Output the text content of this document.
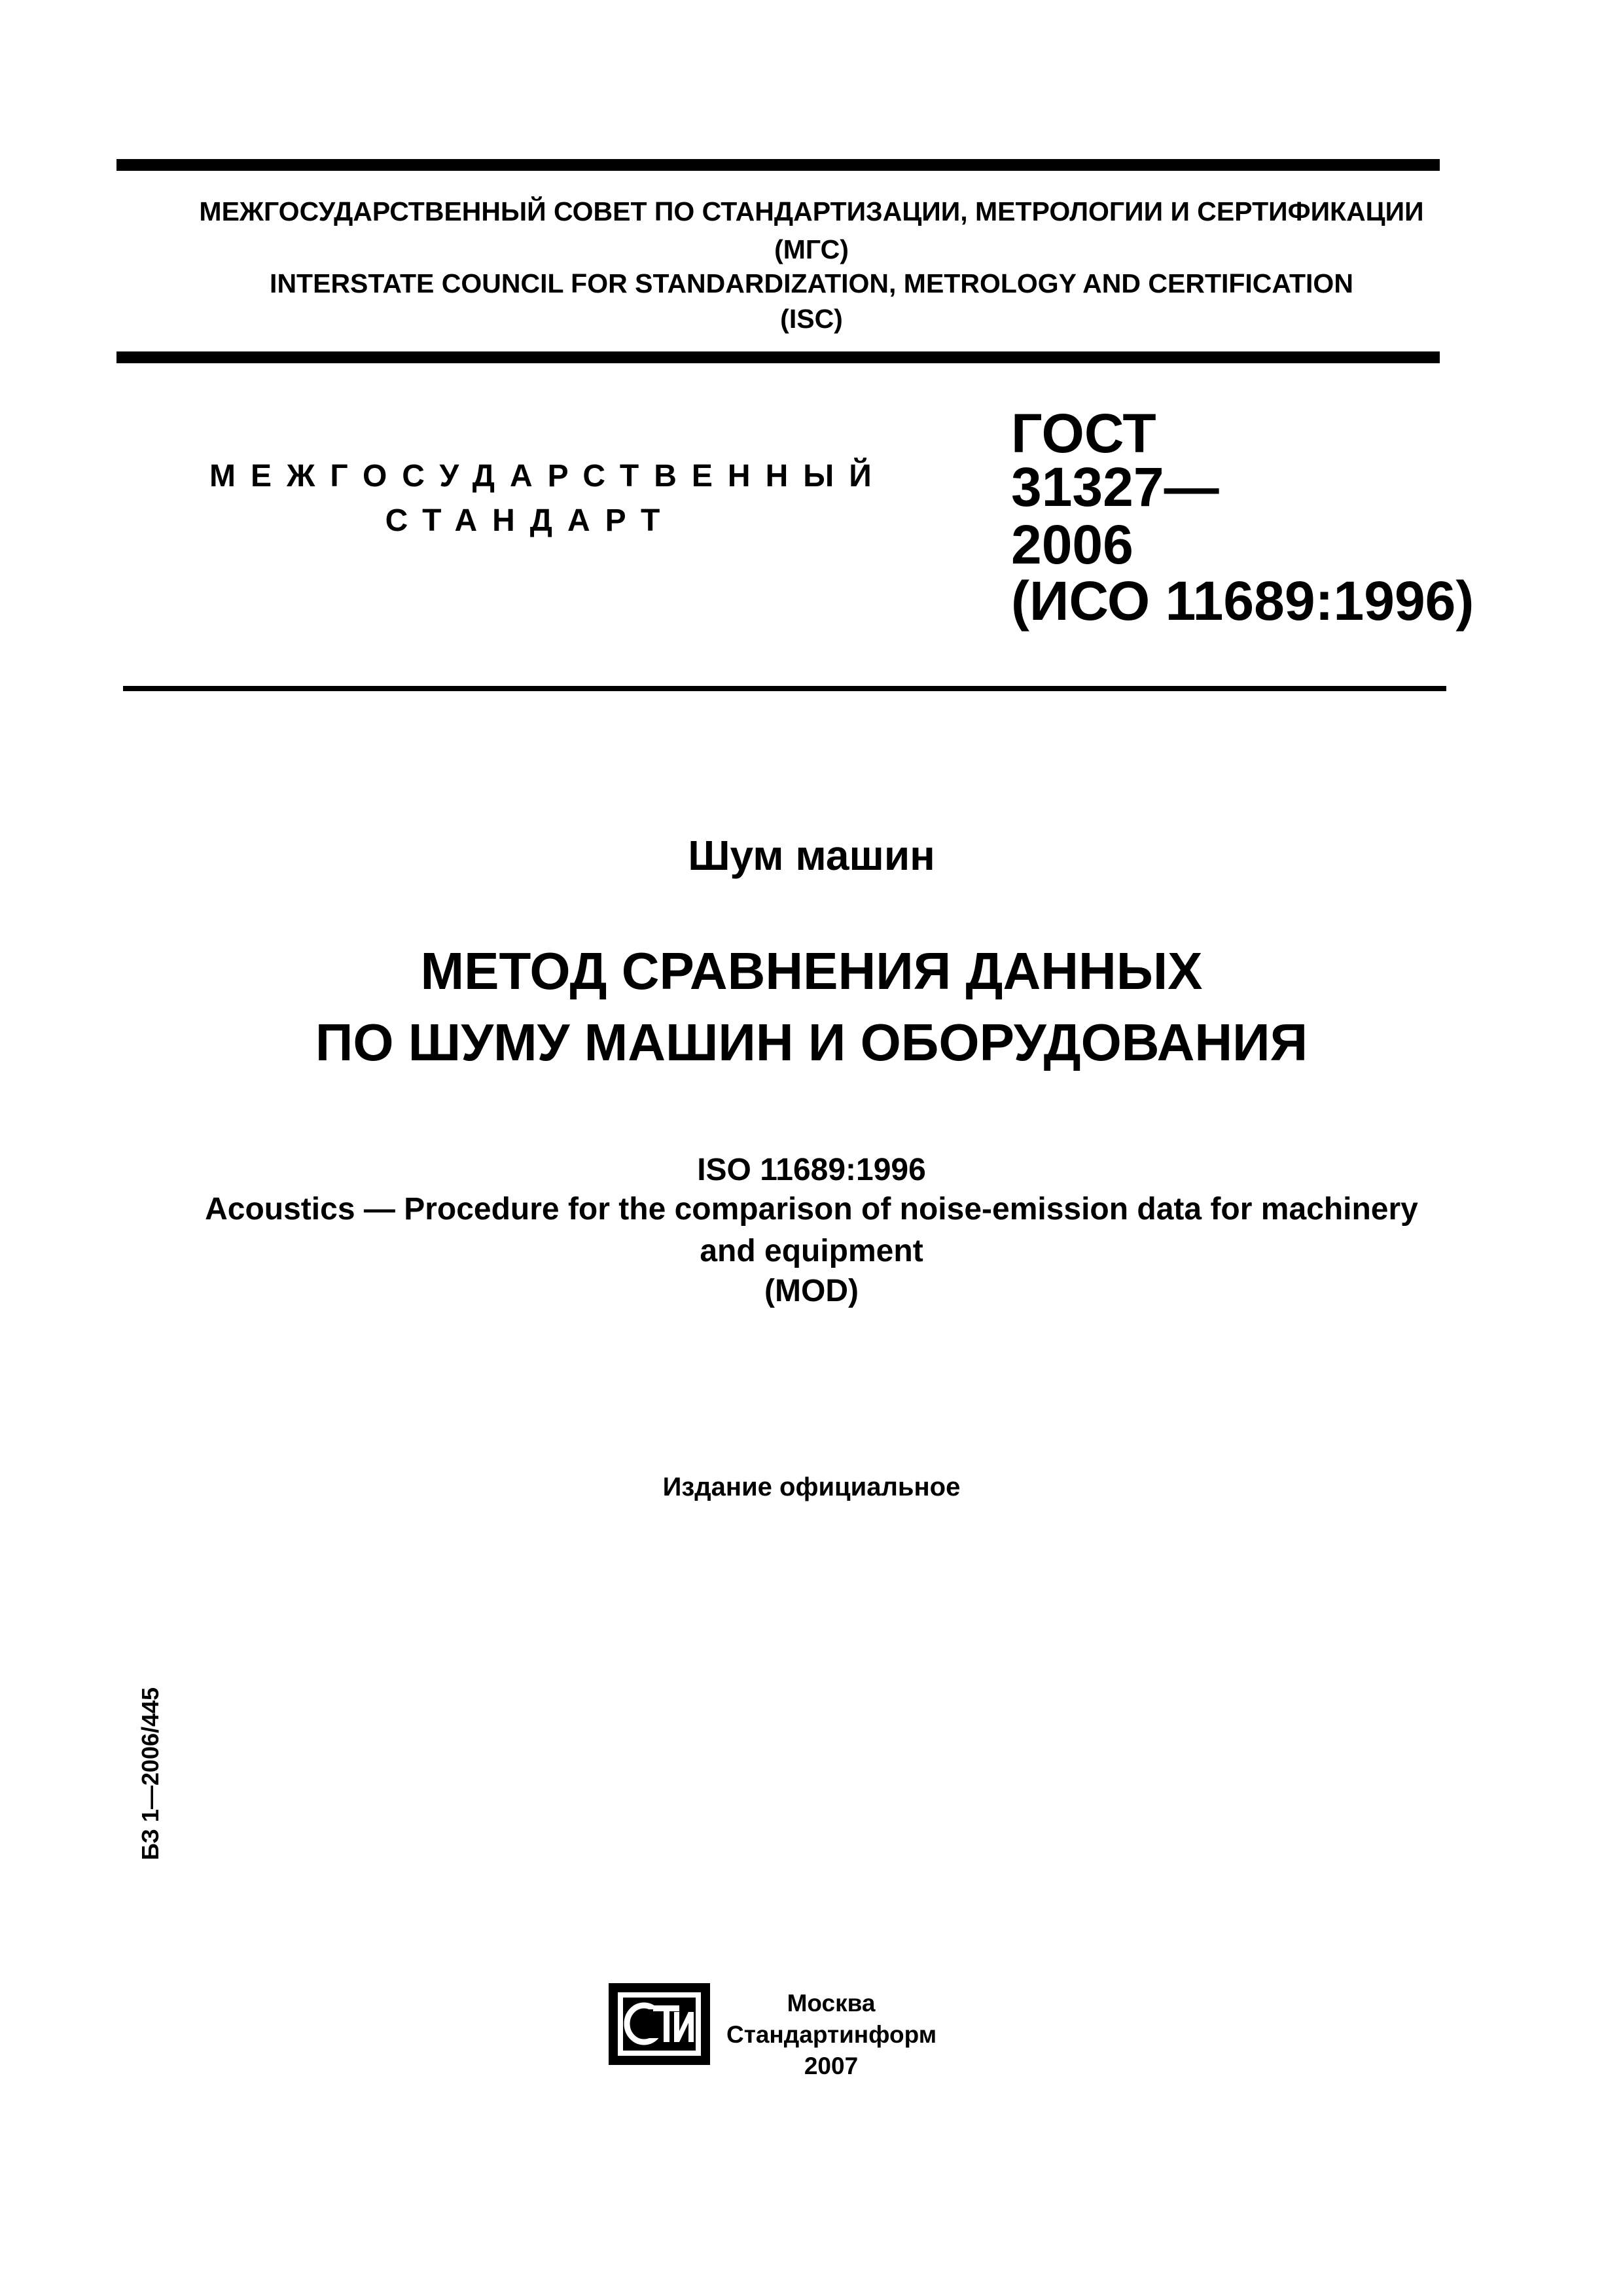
МЕЖГОСУДАРСТВЕННЫЙ СОВЕТ ПО СТАНДАРТИЗАЦИИ, МЕТРОЛОГИИ И СЕРТИФИКАЦИИ
(МГС)
INTERSTATE COUNCIL FOR STANDARDIZATION, METROLOGY AND CERTIFICATION
(ISC)
МЕЖГОСУДАРСТВЕННЫЙ
СТАНДАРТ
ГОСТ
31327—
2006
(ИСО 11689:1996)
Шум машин
МЕТОД СРАВНЕНИЯ ДАННЫХ
ПО ШУМУ МАШИН И ОБОРУДОВАНИЯ
ISO 11689:1996
Acoustics — Procedure for the comparison of noise-emission data for machinery
and equipment
(MOD)
Издание официальное
БЗ 1—2006/445
Москва
Стандартинформ
2007
